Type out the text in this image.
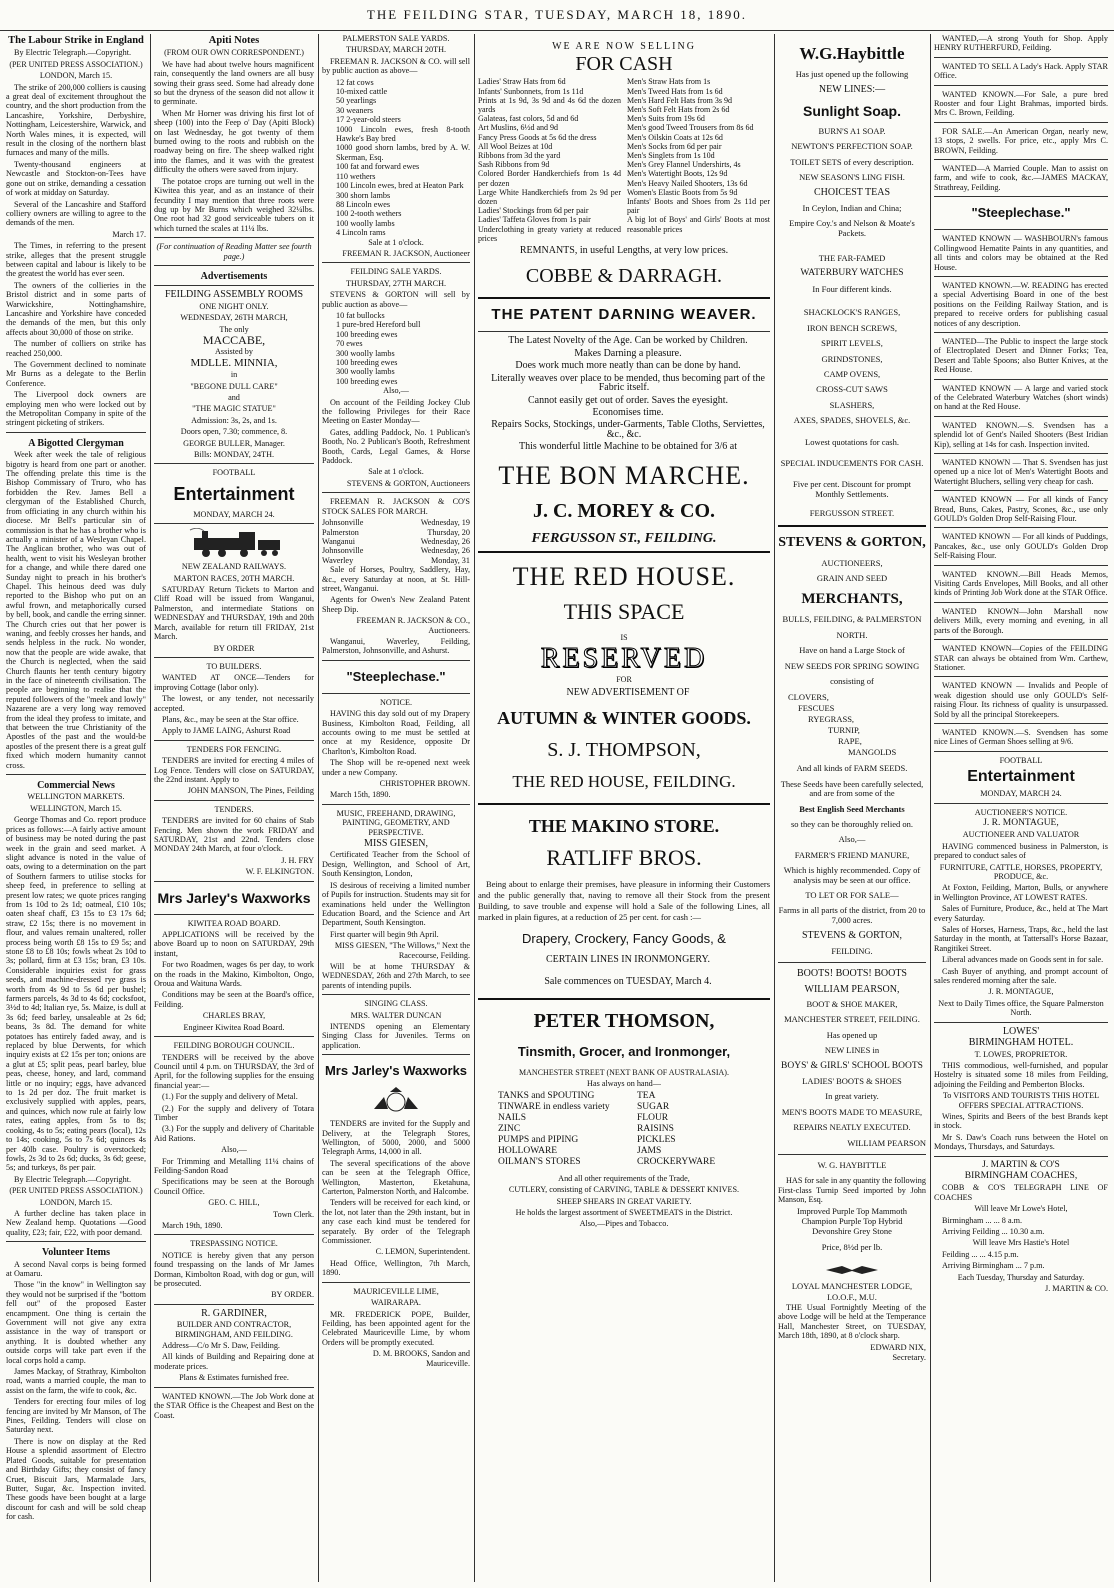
THE FEILDING STAR, TUESDAY, MARCH 18, 1890.
The Labour Strike in England

By Electric Telegraph.—Copyright.

(PER UNITED PRESS ASSOCIATION.)

LONDON, March 15.

The strike of 200,000 colliers is causing a great deal of excitement throughout the country, and the short production from the Lancashire, Yorkshire, Derbyshire, Nottingham, Leicestershire, Warwick, and North Wales mines, it is expected, will result in the closing of the northern blast furnaces and many of the mills.

Twenty-thousand engineers at Newcastle and Stockton-on-Tees have gone out on strike, demanding a cessation of work at midday on Saturday.

Several of the Lancashire and Stafford colliery owners are willing to agree to the demands of the men.

March 17.

The Times, in referring to the present strike, alleges that the present struggle between capital and labour is likely to be the greatest the world has ever seen.

The owners of the collieries in the Bristol district and in some parts of Warwickshire, Nottinghamshire, Lancashire and Yorkshire have conceded the demands of the men, but this only affects about 30,000 of those on strike.

The number of colliers on strike has reached 250,000.

The Government declined to nominate Mr Burns as a delegate to the Berlin Conference.

The Liverpool dock owners are employing men who were locked out by the Metropolitan Company in spite of the stringent picketing of strikers.

A Bigotted Clergyman

Week after week the tale of religious bigotry is heard from one part or another. The offending prelate this time is the Bishop Commissary of Truro, who has forbidden the Rev. James Bell a clergyman of the Established Church, from officiating in any church within his diocese. Mr Bell's particular sin of commission is that he has a brother who is actually a minister of a Wesleyan Chapel. The Anglican brother, who was out of health, went to visit his Wesleyan brother for a change, and while there dared one Sunday night to preach in his brother's Chapel. This heinous deed was duly reported to the Bishop who put on an awful frown, and metaphorically cursed by bell, book, and candle the erring sinner. The Church cries out that her power is waning, and feebly crosses her hands, and sends helpless in the ruck. No wonder, now that the people are wide awake, that the Church is neglected, when the said Church flaunts her tenth century bigotry in the face of nineteenth civilisation. The people are beginning to realise that the reputed followers of the "meek and lowly" Nazarene are a very long way removed from the ideal they profess to imitate, and that between the true Christianity of the Apostles of the past and the would-be apostles of the present there is a great gulf fixed which modern humanity cannot cross.

Commercial News

WELLINGTON MARKETS.

WELLINGTON, March 15.

George Thomas and Co. report produce prices as follows:—A fairly active amount of business may be noted during the past week in the grain and seed market. A slight advance is noted in the value of oats, owing to a determination on the part of Southern farmers to utilise stocks for sheep feed, in preference to selling at present low rates; we quote prices ranging from 1s 10d to 2s 1d; oatmeal, £10 10s; oaten sheaf chaff, £3 15s to £3 17s 6d; straw, £2 15s; there is no movement in flour, and values remain unaltered, roller process being worth £8 15s to £9 5s; and stone £8 to £8 10s; fowls wheat 2s 10d to 3s; pollard, firm at £3 15s; bran, £3 10s. Considerable inquiries exist for grass seeds, and machine-dressed rye grass is worth from 4s 9d to 5s 6d per bushel; farmers parcels, 4s 3d to 4s 6d; cocksfoot, 3½d to 4d; Italian rye, 5s. Maize, is dull at 3s 6d; feed barley, unsaleable at 2s 6d; beans, 3s 8d. The demand for white potatoes has entirely faded away, and is replaced by blue Derwents, for which inquiry exists at £2 15s per ton; onions are a glut at £5; split peas, pearl barley, blue peas, cheese, honey, and lard, command little or no inquiry; eggs, have advanced to 1s 2d per doz. The fruit market is exclusively supplied with apples, pears, and quinces, which now rule at fairly low rates, eating apples, from 5s to 8s; cooking, 4s to 5s; eating pears (local), 12s to 14s; cooking, 5s to 7s 6d; quinces 4s per 40lb case. Poultry is overstocked; fowls, 2s 3d to 2s 6d; ducks, 3s 6d; geese, 5s; and turkeys, 8s per pair.

By Electric Telegraph.—Copyright.

(PER UNITED PRESS ASSOCIATION.)

LONDON, March 15.

A further decline has taken place in New Zealand hemp. Quotations —Good quality, £23; fair, £22, with poor demand.

Volunteer Items

A second Naval corps is being formed at Oamaru.

Those "in the know" in Wellington say they would not be surprised if the "bottom fell out" of the proposed Easter encampment. One thing is certain the Government will not give any extra assistance in the way of transport or anything. It is doubted whether any outside corps will take part even if the local corps hold a camp.

James Mackay, of Strathray, Kimbolton road, wants a married couple, the man to assist on the farm, the wife to cook, &c.

Tenders for erecting four miles of log fencing are invited by Mr Manson, of The Pines, Feilding. Tenders will close on Saturday next.

There is now on display at the Red House a splendid assortment of Electro Plated Goods, suitable for presentation and Birthday Gifts; they consist of fancy Cruet, Biscuit Jars, Marmalade Jars, Butter, Sugar, &c. Inspection invited. These goods have been bought at a large discount for cash and will be sold cheap for cash.

Apiti Notes

(FROM OUR OWN CORRESPONDENT.)

We have had about twelve hours magnificent rain, consequently the land owners are all busy sowing their grass seed. Some had already done so but the dryness of the season did not allow it to germinate.

When Mr Horner was driving his first lot of sheep (100) into the Feep o' Day (Apiti Block) on last Wednesday, he got twenty of them burned owing to the roots and rubbish on the roadway being on fire. The sheep walked right into the flames, and it was with the greatest difficulty the others were saved from injury.

The potatoe crops are turning out well in the Kiwitea this year, and as an instance of their fecundity I may mention that three roots were dug up by Mr Burns which weighed 32¼lbs. One root had 32 good serviceable tubers on it which turned the scales at 11¼ lbs.

(For continuation of Reading Matter see fourth page.)

Advertisements

FEILDING ASSEMBLY ROOMS

ONE NIGHT ONLY.

WEDNESDAY, 26TH MARCH,

The only

MACCABE,

Assisted by

MDLLE. MINNIA,

in

"BEGONE DULL CARE"

and

"THE MAGIC STATUE"

Admission: 3s, 2s, and 1s.

Doors open, 7.30; commence, 8.

GEORGE BULLER, Manager.

Bills: MONDAY, 24TH.

FOOTBALL

Entertainment

MONDAY, MARCH 24.

NEW ZEALAND RAILWAYS.

MARTON RACES, 20TH MARCH.

SATURDAY Return Tickets to Marton and Cliff Road will be issued from Wanganui, Palmerston, and intermediate Stations on WEDNESDAY and THURSDAY, 19th and 20th March, available for return till FRIDAY, 21st March.

BY ORDER

TO BUILDERS.

WANTED AT ONCE—Tenders for improving Cottage (labor only).

The lowest, or any tender, not necessarily accepted.

Plans, &c., may be seen at the Star office.

Apply to JAME LAING, Ashurst Road

TENDERS FOR FENCING.

TENDERS are invited for erecting 4 miles of Log Fence. Tenders will close on SATURDAY, the 22nd instant. Apply to

JOHN MANSON, The Pines, Feilding

TENDERS.

TENDERS are invited for 60 chains of Stab Fencing. Men shown the work FRIDAY and SATURDAY, 21st and 22nd. Tenders close MONDAY 24th March, at four o'clock.

J. H. FRY

W. F. ELKINGTON.

Mrs Jarley's Waxworks

KIWITEA ROAD BOARD.

APPLICATIONS will be received by the above Board up to noon on SATURDAY, 29th instant,

For two Roadmen, wages 6s per day, to work on the roads in the Makino, Kimbolton, Ongo, Oroua and Waituna Wards.

Conditions may be seen at the Board's office, Feilding.

CHARLES BRAY,

Engineer Kiwitea Road Board.

FEILDING BOROUGH COUNCIL.

TENDERS will be received by the above Council until 4 p.m. on THURSDAY, the 3rd of April, for the following supplies for the ensuing financial year:—

(1.) For the supply and delivery of Metal.

(2.) For the supply and delivery of Totara Timber

(3.) For the supply and delivery of Charitable Aid Rations.

Also,—

For Trimming and Metalling 11¼ chains of Feilding-Sandon Road

Specifications may be seen at the Borough Council Office.

GEO. C. HILL,

Town Clerk.

March 19th, 1890.

TRESPASSING NOTICE.

NOTICE is hereby given that any person found trespassing on the lands of Mr James Dorman, Kimbolton Road, with dog or gun, will be prosecuted.

BY ORDER.

R. GARDINER,

BUILDER AND CONTRACTOR, BIRMINGHAM, AND FEILDING.

Address—C/o Mr S. Daw, Feilding.

All kinds of Building and Repairing done at moderate prices.

Plans & Estimates furnished free.

WANTED KNOWN.—The Job Work done at the STAR Office is the Cheapest and Best on the Coast.

PALMERSTON SALE YARDS.

THURSDAY, MARCH 20TH.

FREEMAN R. JACKSON & CO. will sell by public auction as above—

12 fat cows
10-mixed cattle
50 yearlings
30 weaners
17 2-year-old steers
1000 Lincoln ewes, fresh 8-tooth Hawke's Bay bred
1000 good shorn lambs, bred by A. W. Skerman, Esq.
100 fat and forward ewes
110 wethers
100 Lincoln ewes, bred at Heaton Park
300 shorn lambs
88 Lincoln ewes
100 2-tooth wethers
100 woolly lambs
4 Lincoln rams

Sale at 1 o'clock.

FREEMAN R. JACKSON, Auctioneer

FEILDING SALE YARDS.

THURSDAY, 27TH MARCH.

STEVENS & GORTON will sell by public auction as above—

10 fat bullocks
1 pure-bred Hereford bull
100 breeding ewes
70 ewes
300 woolly lambs
100 breeding ewes
300 woolly lambs
100 breeding ewes

Also,—

On account of the Feilding Jockey Club the following Privileges for their Race Meeting on Easter Monday—

Gates, addling Paddock, No. 1 Publican's Booth, No. 2 Publican's Booth, Refreshment Booth, Cards, Legal Games, & Horse Paddock.

Sale at 1 o'clock.

STEVENS & GORTON, Auctioneers

FREEMAN R. JACKSON & CO'S STOCK SALES FOR MARCH.

Johnsonville	Wednesday, 19
Palmerston	Thursday, 20
Wanganui	Wednesday, 26
Johnsonville	Wednesday, 26
Waverley	Monday, 31

Sale of Horses, Poultry, Saddlery, Hay, &c., every Saturday at noon, at St. Hill-street, Wanganui.

Agents for Owen's New Zealand Patent Sheep Dip.

FREEMAN R. JACKSON & CO., Auctioneers.

Wanganui, Waverley, Feilding, Palmerston, Johnsonville, and Ashurst.

"Steeplechase."

NOTICE.

HAVING this day sold out of my Drapery Business, Kimbolton Road, Feilding, all accounts owing to me must be settled at once at my Residence, opposite Dr Charlton's, Kimbolton Road.

The Shop will be re-opened next week under a new Company.

CHRISTOPHER BROWN.

March 15th, 1890.

MUSIC, FREEHAND, DRAWING, PAINTING, GEOMETRY, AND PERSPECTIVE.

MISS GIESEN,

Certificated Teacher from the School of Design, Wellington, and School of Art, South Kensington, London,

IS desirous of receiving a limited number of Pupils for instruction. Students may sit for examinations held under the Wellington Education Board, and the Science and Art Department, South Kensington.

First quarter will begin 9th April.

MISS GIESEN, "The Willows," Next the Racecourse, Feilding.

Will be at home THURSDAY & WEDNESDAY, 26th and 27th March, to see parents of intending pupils.

SINGING CLASS.

MRS. WALTER DUNCAN

INTENDS opening an Elementary Singing Class for Juveniles. Terms on application.

Mrs Jarley's Waxworks

TENDERS are invited for the Supply and Delivery, at the Telegraph Stores, Wellington, of 5000, 2000, and 5000 Telegraph Arms, 14,000 in all.

The several specifications of the above can be seen at the Telegraph Office, Wellington, Masterton, Eketahuna, Carterton, Palmerston North, and Halcombe.

Tenders will be received for each kind, or the lot, not later than the 29th instant, but in any case each kind must be tendered for separately. By order of the Telegraph Commissioner.

C. LEMON, Superintendent.

Head Office, Wellington, 7th March, 1890.

MAURICEVILLE LIME,

WAIRARAPA.

MR. FREDERICK POPE, Builder, Feilding, has been appointed agent for the Celebrated Mauriceville Lime, by whom Orders will be promptly executed.

D. M. BROOKS, Sandon and Mauriceville.

WE ARE NOW SELLING

FOR CASH
Ladies' Straw Hats from 6d
Infants' Sunbonnets, from 1s 11d
Prints at 1s 9d, 3s 9d and 4s 6d the dozen yards
Galateas, fast colors, 5d and 6d
Art Muslins, 6½d and 9d
Fancy Press Goods at 5s 6d the dress
All Wool Beizes at 10d
Ribbons from 3d the yard
Sash Ribbons from 9d
Colored Border Handkerchiefs from 1s 4d per dozen
Large White Handkerchiefs from 2s 9d per dozen
Ladies' Stockings from 6d per pair
Ladies' Taffeta Gloves from 1s pair
Underclothing in greaty variety at reduced prices
Men's Straw Hats from 1s
Men's Tweed Hats from 1s 6d
Men's Hard Felt Hats from 3s 9d
Men's Soft Felt Hats from 2s 6d
Men's Suits from 19s 6d
Men's good Tweed Trousers from 8s 6d
Men's Oilskin Coats at 12s 6d
Men's Socks from 6d per pair
Men's Singlets from 1s 10d
Men's Grey Flannel Undershirts, 4s
Men's Watertight Boots, 12s 9d
Men's Heavy Nailed Shooters, 13s 6d
Women's Elastic Boots from 5s 9d
Infants' Boots and Shoes from 2s 11d per pair
A big lot of Boys' and Girls' Boots at most reasonable prices

REMNANTS, in useful Lengths, at very low prices.

COBBE & DARRAGH.
THE PATENT DARNING WEAVER.

The Latest Novelty of the Age. Can be worked by Children.

Makes Darning a pleasure.

Does work much more neatly than can be done by hand.

Literally weaves over place to be mended, thus becoming part of the Fabric itself.

Cannot easily get out of order. Saves the eyesight.

Economises time.

Repairs Socks, Stockings, under-Garments, Table Cloths, Serviettes, &c., &c.

This wonderful little Machine to be obtained for 3/6 at

THE BON MARCHE.
J. C. MOREY & CO.
FERGUSSON ST., FEILDING.
THE RED HOUSE.
THIS SPACE

IS

RESERVED

FOR

NEW ADVERTISEMENT OF

AUTUMN & WINTER GOODS.
S. J. THOMPSON,
THE RED HOUSE, FEILDING.
THE MAKINO STORE.
RATLIFF BROS.

Being about to enlarge their premises, have pleasure in informing their Customers and the public generally that, naving to remove all their Stock from the present Building, to save trouble and expense will hold a Sale of the following Lines, all marked in plain figures, at a reduction of 25 per cent. for cash :—

Drapery, Crockery, Fancy Goods, &

CERTAIN LINES IN IRONMONGERY.

Sale commences on TUESDAY, March 4.

PETER THOMSON,
Tinsmith, Grocer, and Ironmonger,

MANCHESTER STREET (NEXT BANK OF AUSTRALASIA).

Has always on hand—

TANKS and SPOUTING
TINWARE in endless variety
NAILS
ZINC
PUMPS and PIPING
HOLLOWARE
OILMAN'S STORES
TEA
SUGAR
FLOUR
RAISINS
PICKLES
JAMS
CROCKERYWARE

And all other requirements of the Trade,

CUTLERY, consisting of CARVING, TABLE & DESSERT KNIVES.

SHEEP SHEARS IN GREAT VARIETY.

He holds the largest assortment of SWEETMEATS in the District.

Also,—Pipes and Tobacco.

W.G.Haybittle
Has just opened up the following
NEW LINES:—
Sunlight Soap.
BURN'S A1 SOAP.
NEWTON'S PERFECTION SOAP.
TOILET SETS of every description.
NEW SEASON'S LING FISH.
CHOICEST TEAS
In Ceylon, Indian and China;
Empire Coy.'s and Nelson & Moate's Packets.
THE FAR-FAMED
WATERBURY WATCHES
In Four different kinds.
SHACKLOCK'S RANGES,
IRON BENCH SCREWS,
SPIRIT LEVELS,
GRINDSTONES,
CAMP OVENS,
CROSS-CUT SAWS
SLASHERS,
AXES, SPADES, SHOVELS, &c.
Lowest quotations for cash.
SPECIAL INDUCEMENTS FOR CASH.
Five per cent. Discount for prompt Monthly Settlements.
FERGUSSON STREET.
STEVENS & GORTON,
AUCTIONEERS,
GRAIN AND SEED
MERCHANTS,
BULLS, FEILDING, & PALMERSTON
NORTH.
Have on hand a Large Stock of
NEW SEEDS FOR SPRING SOWING
consisting of
CLOVERS,
FESCUES
RYEGRASS,
TURNIP,
RAPE,
MANGOLDS
And all kinds of FARM SEEDS.
These Seeds have been carefully selected, and are from some of the
Best English Seed Merchants
so they can be thoroughly relied on.
Also,—
FARMER'S FRIEND MANURE,
Which is highly recommended. Copy of analysis may be seen at our office.
TO LET OR FOR SALE—
Farms in all parts of the district, from 20 to 7,000 acres.
STEVENS & GORTON,
FEILDING.
BOOTS! BOOTS! BOOTS
WILLIAM PEARSON,
BOOT & SHOE MAKER,
MANCHESTER STREET, FEILDING.
Has opened up
NEW LINES in
BOYS' & GIRLS' SCHOOL BOOTS
LADIES' BOOTS & SHOES
In great variety.
MEN'S BOOTS MADE TO MEASURE,
REPAIRS NEATLY EXECUTED.
WILLIAM PEARSON
W. G. HAYBITTLE

HAS for sale in any quantity the following First-class Turnip Seed imported by John Manson, Esq.

Improved Purple Top Mammoth
Champion Purple Top Hybrid
Devonshire Grey Stone
Price, 8½d per lb.
LOYAL MANCHESTER LODGE,
I.O.O.F., M.U.

THE Usual Fortnightly Meeting of the above Lodge will be held at the Temperance Hall, Manchester Street, on TUESDAY, March 18th, 1890, at 8 o'clock sharp.

EDWARD NIX,
Secretary.

WANTED,—A strong Youth for Shop. Apply HENRY RUTHERFURD, Feilding.

WANTED TO SELL A Lady's Hack. Apply STAR Office.

WANTED KNOWN.—For Sale, a pure bred Rooster and four Light Brahmas, imported birds. Mrs C. Brown, Feilding.

FOR SALE.—An American Organ, nearly new, 13 stops, 2 swells. For price, etc., apply Mrs C. BROWN, Feilding.

WANTED—A Married Couple. Man to assist on farm, and wife to cook, &c.—JAMES MACKAY, Strathreay, Feilding.

"Steeplechase."

WANTED KNOWN — WASHBOURN's famous Collingwood Hematite Paints in any quantities, and all tints and colors may be obtained at the Red House.

WANTED KNOWN.—W. READING has erected a special Advertising Board in one of the best positions on the Feilding Railway Station, and is prepared to receive orders for publishing casual notices of any description.

WANTED—The Public to inspect the large stock of Electroplated Desert and Dinner Forks; Tea, Desert and Table Spoons; also Butter Knives, at the Red House.

WANTED KNOWN — A large and varied stock of the Celebrated Waterbury Watches (short winds) on hand at the Red House.

WANTED KNOWN.—S. Svendsen has a splendid lot of Gent's Nailed Shooters (Best Iridian Kip), selling at 14s for cash. Inspection invited.

WANTED KNOWN — That S. Svendsen has just opened up a nice lot of Men's Watertight Boots and Watertight Bluchers, selling very cheap for cash.

WANTED KNOWN — For all kinds of Fancy Bread, Buns, Cakes, Pastry, Scones, &c., use only GOULD's Golden Drop Self-Raising Flour.

WANTED KNOWN — For all kinds of Puddings, Pancakes, &c., use only GOULD's Golden Drop Self-Raising Flour.

WANTED KNOWN.—Bill Heads Memos, Visiting Cards Envelopes, Mill Books, and all other kinds of Printing Job Work done at the STAR Office.

WANTED KNOWN—John Marshall now delivers Milk, every morning and evening, in all parts of the Borough.

WANTED KNOWN—Copies of the FEILDING STAR can always be obtained from Wm. Carthew, Stationer.

WANTED KNOWN — Invalids and People of weak digestion should use only GOULD's Self-raising Flour. Its richness of quality is unsurpassed. Sold by all the principal Storekeepers.

WANTED KNOWN.—S. Svendsen has some nice Lines of German Shoes selling at 9/6.

FOOTBALL

Entertainment

MONDAY, MARCH 24.

AUCTIONEER'S NOTICE.

J. R. MONTAGUE,

AUCTIONEER AND VALUATOR

HAVING commenced business in Palmerston, is prepared to conduct sales of

FURNITURE, CATTLE, HORSES, PROPERTY, PRODUCE, &c.

At Foxton, Feilding, Marton, Bulls, or anywhere in Wellington Province, AT LOWEST RATES.

Sales of Furniture, Produce, &c., held at The Mart every Saturday.

Sales of Horses, Harness, Traps, &c., held the last Saturday in the month, at Tattersall's Horse Bazaar, Rangitikei Street.

Liberal advances made on Goods sent in for sale.

Cash Buyer of anything, and prompt account of sales rendered morning after the sale.

J. R. MONTAGUE,

Next to Daily Times office, the Square Palmerston North.

LOWES'

BIRMINGHAM HOTEL.

T. LOWES, PROPRIETOR.

THIS commodious, well-furnished, and popular Hostelry is situated some 18 miles from Feilding, adjoining the Feilding and Pemberton Blocks.

To VISITORS AND TOURISTS THIS HOTEL OFFERS SPECIAL ATTRACTIONS.

Wines, Spirits and Beers of the best Brands kept in stock.

Mr S. Daw's Coach runs between the Hotel on Mondays, Thursdays, and Saturdays.

J. MARTIN & CO'S

BIRMINGHAM COACHES,

COBB & CO'S TELEGRAPH LINE OF COACHES

Will leave Mr Lowe's Hotel,

Birmingham ... ... 8 a.m.

Arriving Feilding ... 10.30 a.m.

Will leave Mrs Hastie's Hotel

Feilding ... ... 4.15 p.m.

Arriving Birmingham ... 7 p.m.

Each Tuesday, Thursday and Saturday.

J. MARTIN & CO.
